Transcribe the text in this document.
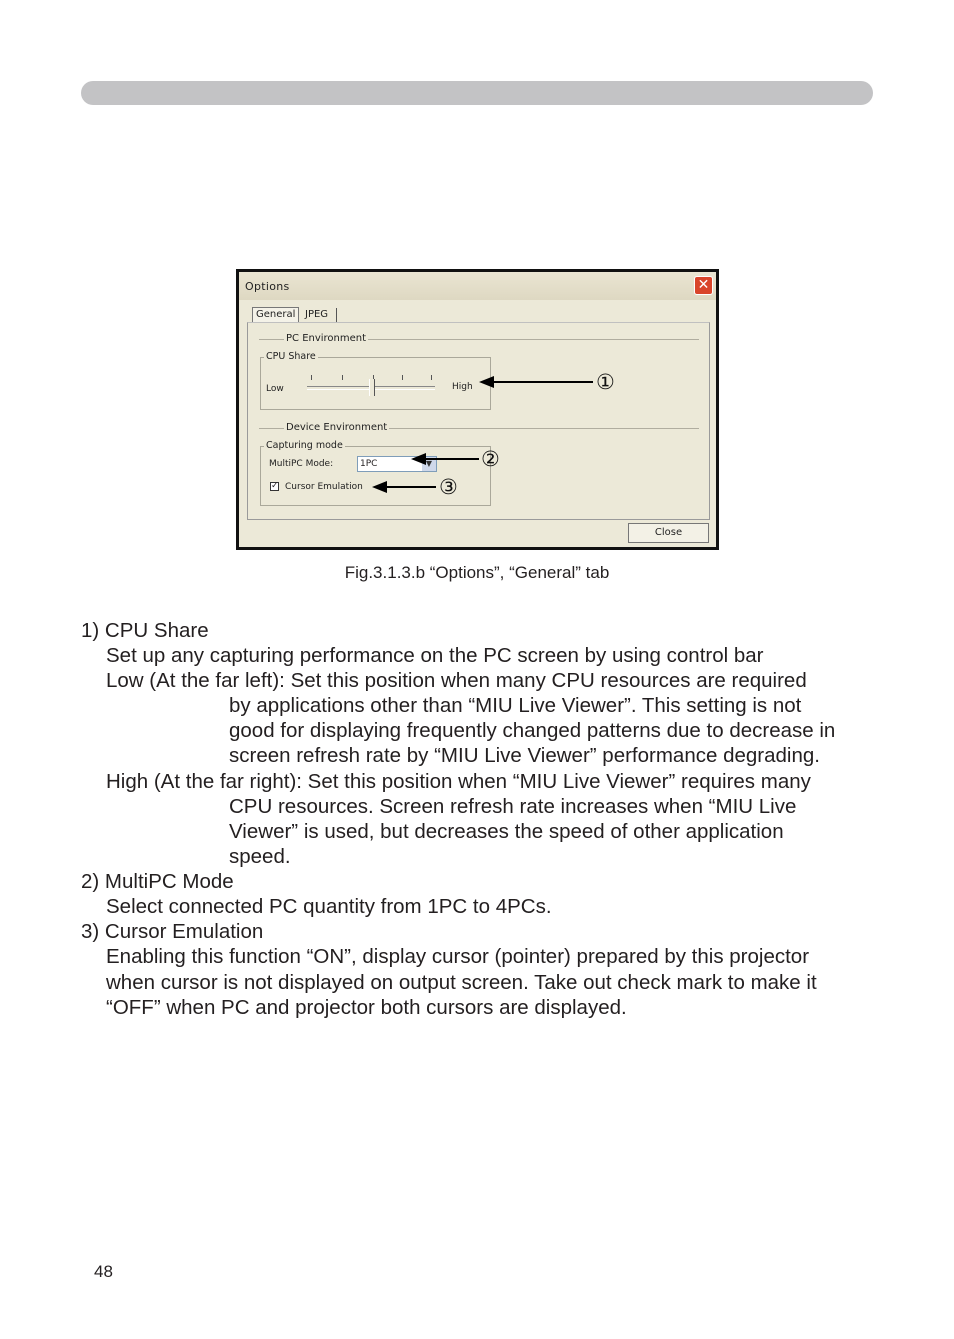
Options	✕
General JPEG
PC Environment
CPU Share
Low	High
Device Environment
Capturing mode
MultiPC Mode:	1PC	▼
✓ Cursor Emulation
Close
①
②
③
Fig.3.1.3.b “Options”, “General” tab
1) CPU Share
Set up any capturing performance on the PC screen by using control bar
Low (At the far left): Set this position when many CPU resources are required
by applications other than “MIU Live Viewer”. This setting is not
good for displaying frequently changed patterns due to decrease in
screen refresh rate by “MIU Live Viewer” performance degrading.
High (At the far right): Set this position when “MIU Live Viewer” requires many
CPU resources. Screen refresh rate increases when “MIU Live
Viewer” is used, but decreases the speed of other application
speed.
2) MultiPC Mode
Select connected PC quantity from 1PC to 4PCs.
3) Cursor Emulation
Enabling this function “ON”, display cursor (pointer) prepared by this projector
when cursor is not displayed on output screen. Take out check mark to make it
“OFF” when PC and projector both cursors are displayed.
48
